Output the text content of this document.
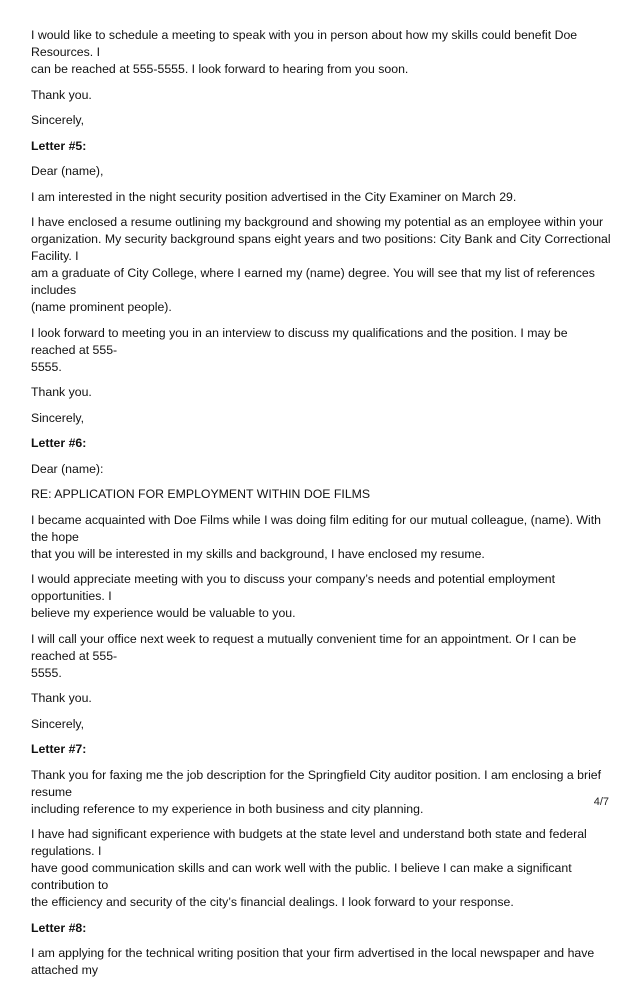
I would like to schedule a meeting to speak with you in person about how my skills could benefit Doe Resources. I
can be reached at 555-5555. I look forward to hearing from you soon.

Thank you.

Sincerely,

Letter #5:

Dear (name),

I am interested in the night security position advertised in the City Examiner on March 29.

I have enclosed a resume outlining my background and showing my potential as an employee within your
organization. My security background spans eight years and two positions: City Bank and City Correctional Facility. I
am a graduate of City College, where I earned my (name) degree. You will see that my list of references includes
(name prominent people).

I look forward to meeting you in an interview to discuss my qualifications and the position. I may be reached at 555-
5555.

Thank you.

Sincerely,

Letter #6:

Dear (name):

RE: APPLICATION FOR EMPLOYMENT WITHIN DOE FILMS

I became acquainted with Doe Films while I was doing film editing for our mutual colleague, (name). With the hope
that you will be interested in my skills and background, I have enclosed my resume.

I would appreciate meeting with you to discuss your company’s needs and potential employment opportunities. I
believe my experience would be valuable to you.

I will call your office next week to request a mutually convenient time for an appointment. Or I can be reached at 555-
5555.

Thank you.

Sincerely,

Letter #7:

Thank you for faxing me the job description for the Springfield City auditor position. I am enclosing a brief resume
including reference to my experience in both business and city planning.

I have had significant experience with budgets at the state level and understand both state and federal regulations. I
have good communication skills and can work well with the public. I believe I can make a significant contribution to
the efficiency and security of the city’s financial dealings. I look forward to your response.

Letter #8:

I am applying for the technical writing position that your firm advertised in the local newspaper and have attached my

4/7
